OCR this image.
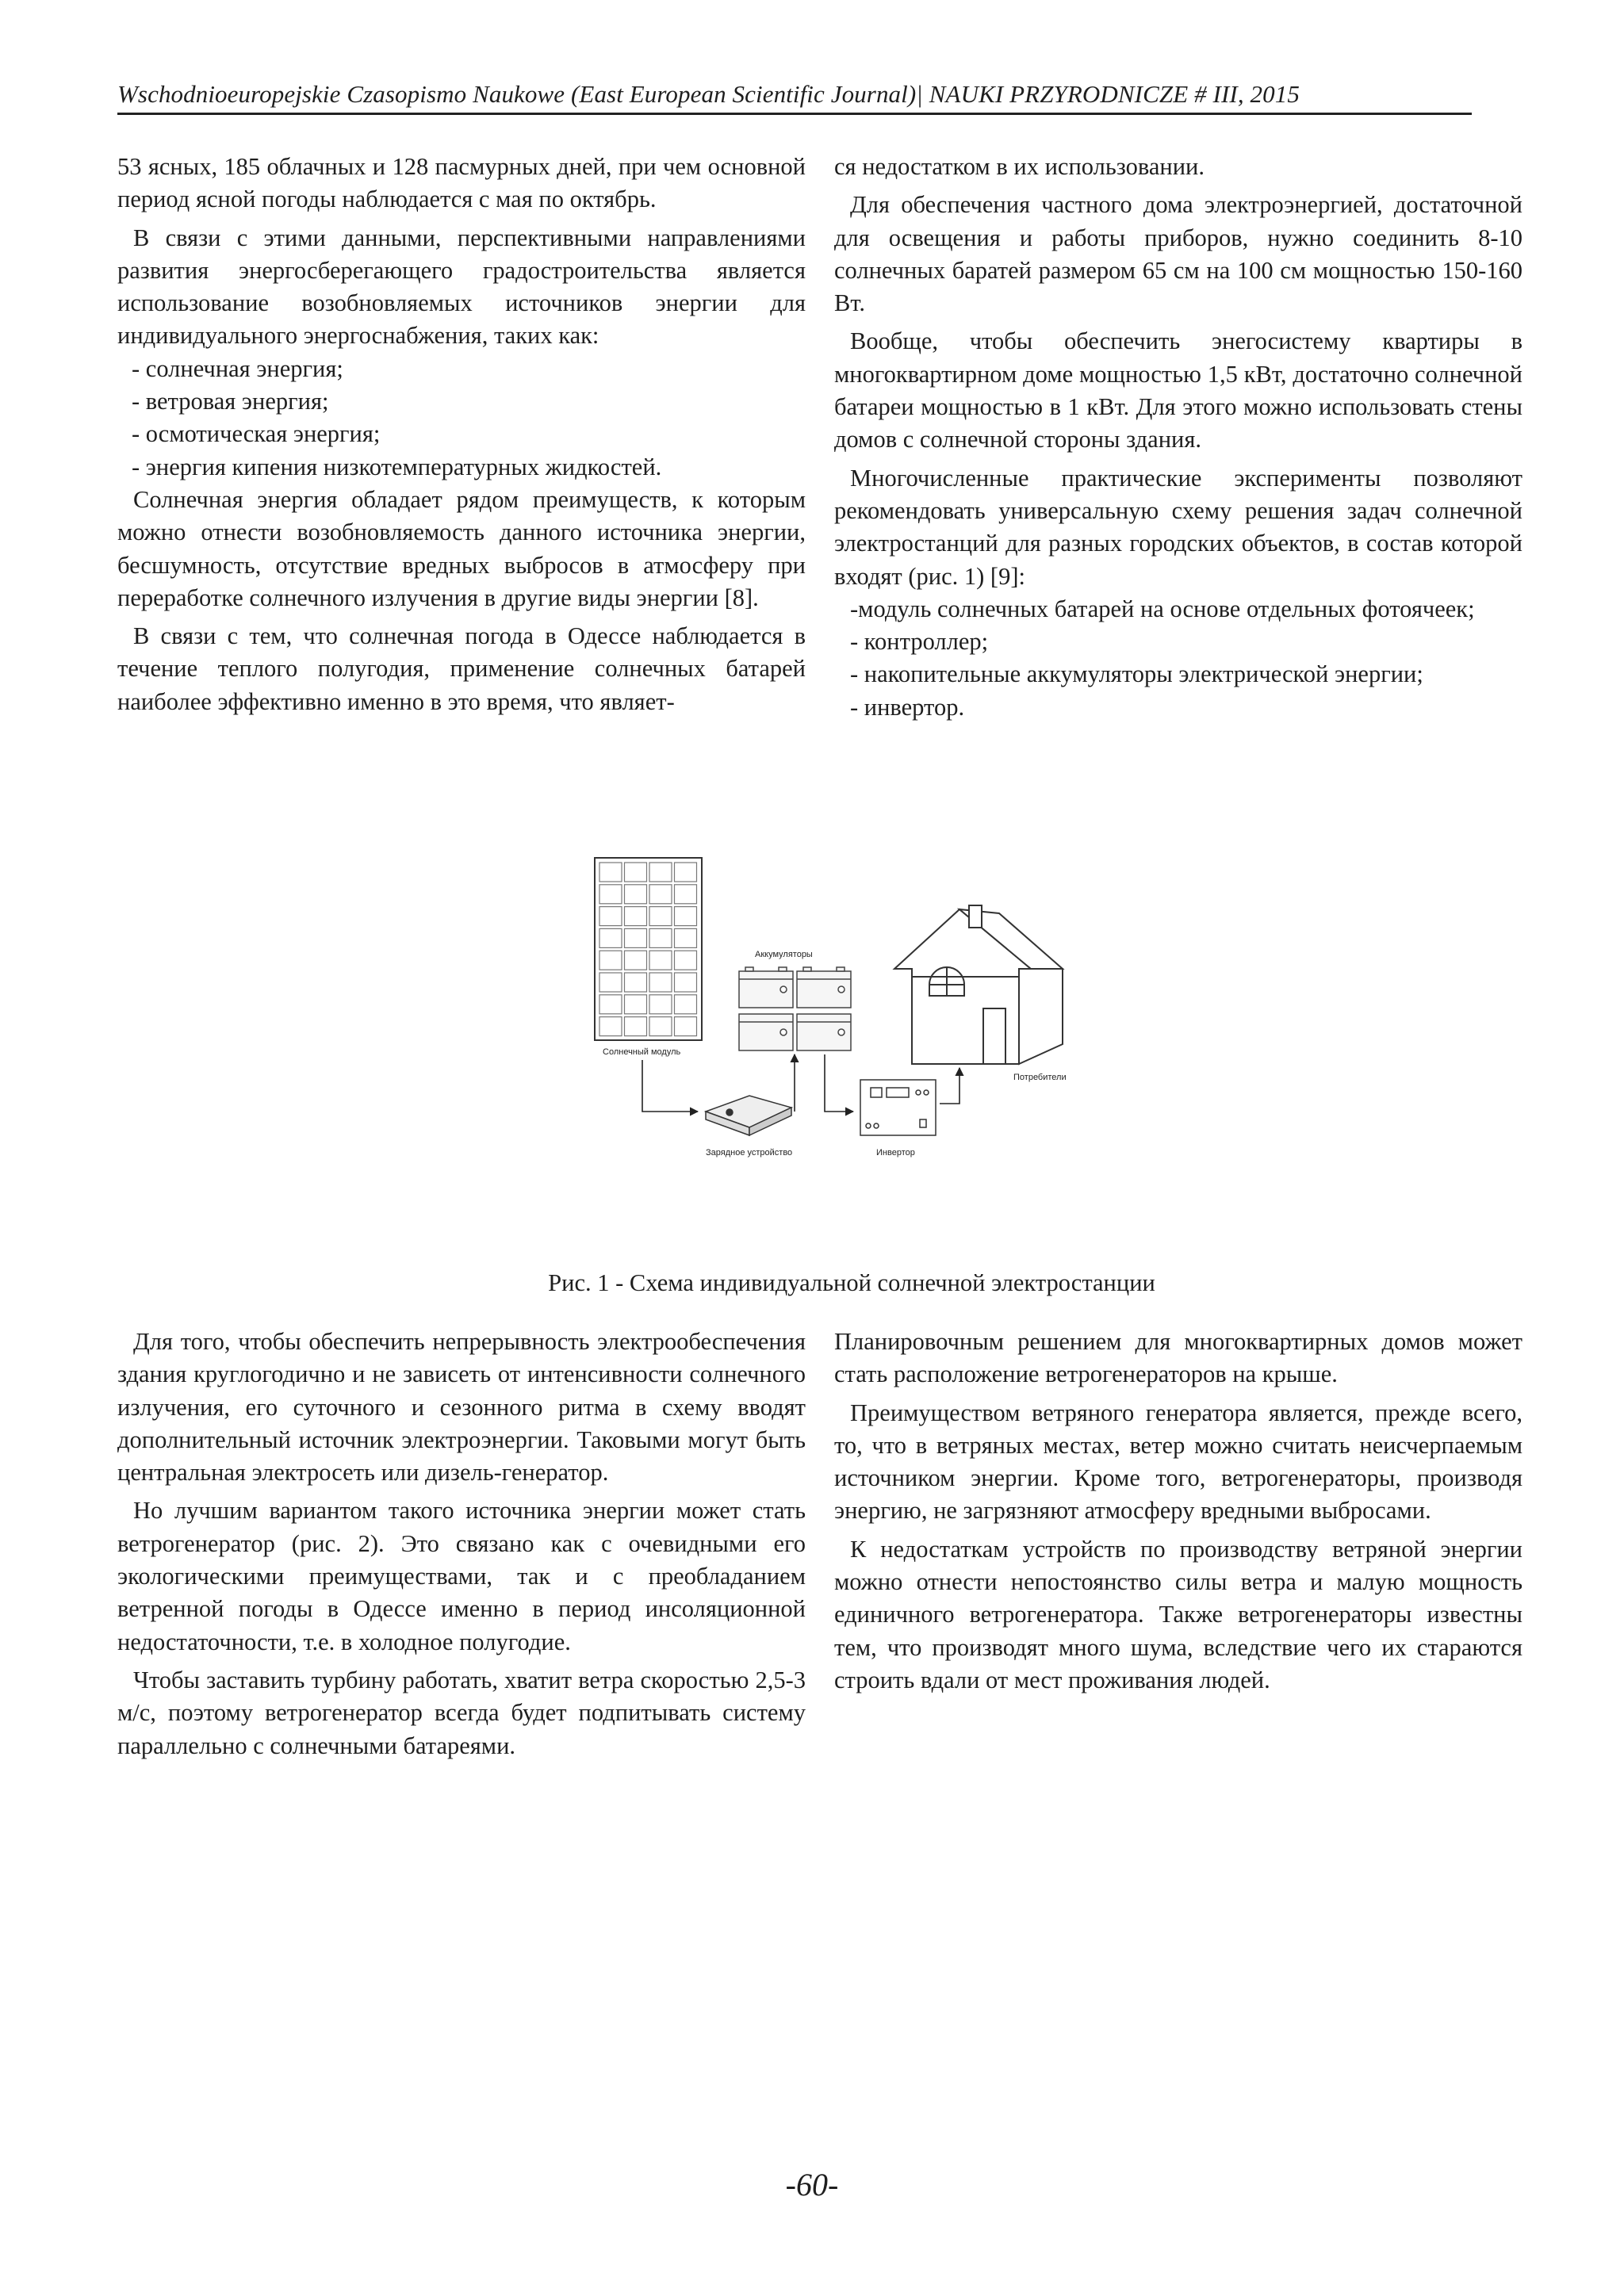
Wschodnioeuropejskie Czasopismo Naukowe (East European Scientific Journal)| NAUKI PRZYRODNICZE # III, 2015

53 ясных, 185 облачных и 128 пасмурных дней, при чем основной период ясной погоды наблюдается с мая по октябрь.

В связи с этими данными, перспективными направлениями развития энергосберегающего градостроительства является использование возобновляемых источников энергии для индивидуального энергоснабжения, таких как:

- солнечная энергия;

- ветровая энергия;

- осмотическая энергия;

- энергия кипения низкотемпературных жидкостей.

Солнечная энергия обладает рядом преимуществ, к которым можно отнести возобновляемость данного источника энергии, бесшумность, отсутствие вредных выбросов в атмосферу при переработке солнечного излучения в другие виды энергии [8].

В связи с тем, что солнечная погода в Одессе наблюдается в течение теплого полугодия, применение солнечных батарей наиболее эффективно именно в это время, что являет-

ся недостатком в их использовании.

Для обеспечения частного дома электроэнергией, достаточной для освещения и работы приборов, нужно соединить 8-10 солнечных баратей размером 65 см на 100 см мощностью 150-160 Вт.

Вообще, чтобы обеспечить энегосистему квартиры в многоквартирном доме мощностью 1,5 кВт, достаточно солнечной батареи мощностью в 1 кВт. Для этого можно использовать стены домов с солнечной стороны здания.

Многочисленные практические эксперименты позволяют рекомендовать универсальную схему решения задач солнечной электростанций для разных городских объектов, в состав которой входят (рис. 1) [9]:

-модуль солнечных батарей на основе отдельных фотоячеек;

- контроллер;

- накопительные аккумуляторы электрической энергии;

- инвертор.

Солнечный модуль
Аккумуляторы
Потребители
Зарядное устройство	Инвертор
Рис. 1 - Схема индивидуальной солнечной электростанции

Для того, чтобы обеспечить непрерывность электрообеспечения здания круглогодично и не зависеть от интенсивности солнечного излучения, его суточного и сезонного ритма в схему вводят дополнительный источник электроэнергии. Таковыми могут быть центральная электросеть или дизель-генератор.

Но лучшим вариантом такого источника энергии может стать ветрогенератор (рис. 2). Это связано как с очевидными его экологическими преимуществами, так и с преобладанием ветренной погоды в Одессе именно в период инсоляционной недостаточности, т.е. в холодное полугодие.

Чтобы заставить турбину работать, хватит ветра скоростью 2,5-3 м/с, поэтому ветрогенератор всегда будет подпитывать систему параллельно с солнечными батареями.

Планировочным решением для многоквартирных домов может стать расположение ветрогенераторов на крыше.

Преимуществом ветряного генератора является, прежде всего, то, что в ветряных местах, ветер можно считать неисчерпаемым источником энергии. Кроме того, ветрогенераторы, производя энергию, не загрязняют атмосферу вредными выбросами.

К недостаткам устройств по производству ветряной энергии можно отнести непостоянство силы ветра и малую мощность единичного ветрогенератора. Также ветрогенераторы известны тем, что производят много шума, вследствие чего их стараются строить вдали от мест проживания людей.

-60-
